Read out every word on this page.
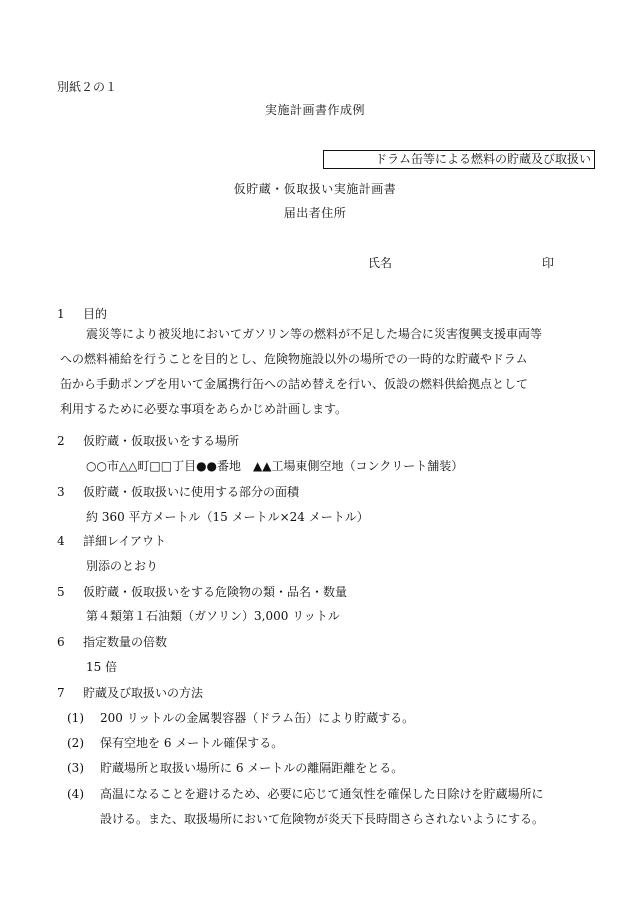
別紙２の１
実施計画書作成例
ドラム缶等による燃料の貯蔵及び取扱い
仮貯蔵・仮取扱い実施計画書
届出者住所
氏名	印
1 目的
震災等により被災地においてガソリン等の燃料が不足した場合に災害復興支援車両等
への燃料補給を行うことを目的とし、危険物施設以外の場所での一時的な貯蔵やドラム
缶から手動ポンプを用いて金属携行缶への詰め替えを行い、仮設の燃料供給拠点として
利用するために必要な事項をあらかじめ計画します。
2 仮貯蔵・仮取扱いをする場所
○○市△△町□□丁目●●番地　▲▲工場東側空地（コンクリート舗装）
3 仮貯蔵・仮取扱いに使用する部分の面積
約 360 平方メートル（15 メートル×24 メートル）
4 詳細レイアウト
別添のとおり
5 仮貯蔵・仮取扱いをする危険物の類・品名・数量
第４類第１石油類（ガソリン）3,000 リットル
6 指定数量の倍数
15 倍
7 貯蔵及び取扱いの方法
(1) 200 リットルの金属製容器（ドラム缶）により貯蔵する。
(2) 保有空地を 6 メートル確保する。
(3) 貯蔵場所と取扱い場所に 6 メートルの離隔距離をとる。
(4) 高温になることを避けるため、必要に応じて通気性を確保した日除けを貯蔵場所に
設ける。また、取扱場所において危険物が炎天下長時間さらされないようにする。
